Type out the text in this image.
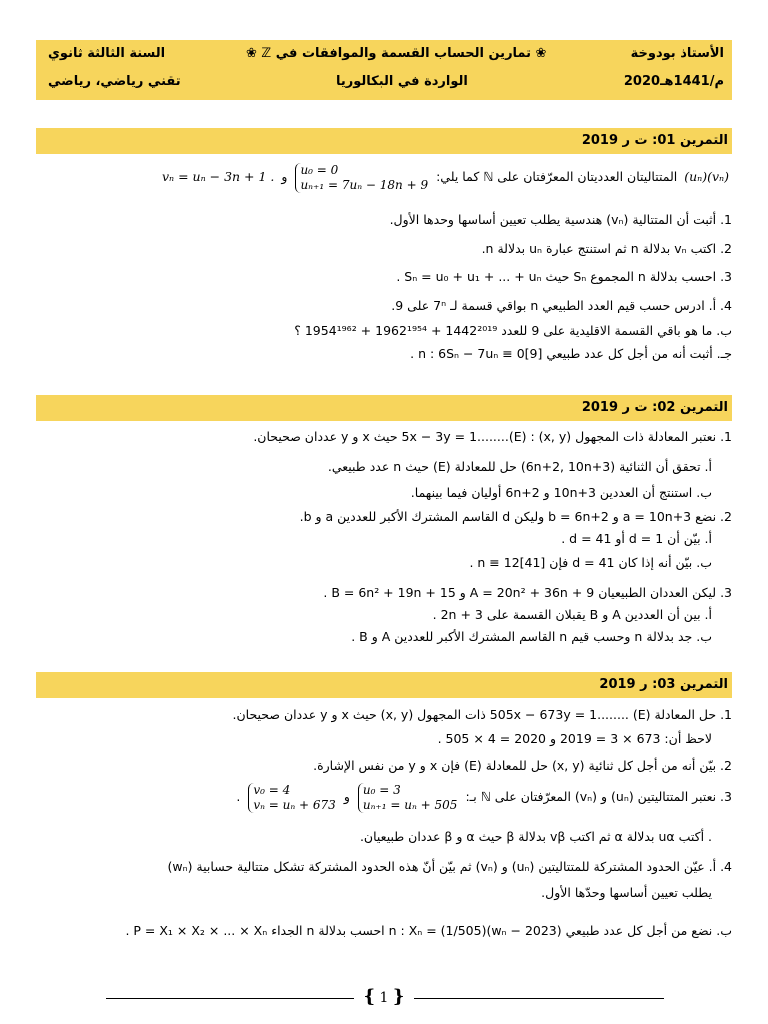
الأستاذ بودوخة
2020م/1441هـ
❀ تمارين الحساب القسمة والموافقات في ℤ ❀
الواردة في البكالوريا
السنة الثالثة ثانوي
تقني رياضي، رياضي
التمرين 01: ت ر 2019
(uₙ)(vₙ) المتتاليتان العدديتان المعرّفتان على ℕ كما يلي: u₀ = 0
uₙ₊₁ = 7uₙ − 18n + 9 و vₙ = uₙ − 3n + 1 .
1. أثبت أن المتتالية (vₙ) هندسية يطلب تعيين أساسها وحدها الأول.
2. اكتب vₙ بدلالة n ثم استنتج عبارة uₙ بدلالة n.
3. احسب بدلالة n المجموع Sₙ حيث Sₙ = u₀ + u₁ + ... + uₙ .
4. أ. ادرس حسب قيم العدد الطبيعي n بواقي قسمة لـ 7ⁿ على 9.
ب. ما هو باقي القسمة الاقليدية على 9 للعدد 1442²⁰¹⁹ + 1962¹⁹⁵⁴ + 1954¹⁹⁶² ؟
جـ. أثبت أنه من أجل كل عدد طبيعي n : 6Sₙ − 7uₙ ≡ 0[9] .
التمرين 02: ت ر 2019
1. نعتبر المعادلة ذات المجهول (x, y) : 5x − 3y = 1........(E) حيث x و y عددان صحيحان.
أ. تحقق أن الثنائية (6n+2, 10n+3) حل للمعادلة (E) حيث n عدد طبيعي.
ب. استنتج أن العددين 10n+3 و 6n+2 أوليان فيما بينهما.
2. نضع a = 10n+3 و b = 6n+2 وليكن d القاسم المشترك الأكبر للعددين a و b.
أ. بيّن أن d = 1 أو d = 41 .
ب. بيّن أنه إذا كان d = 41 فإن n ≡ 12[41] .
3. ليكن العددان الطبيعيان A = 20n² + 36n + 9 و B = 6n² + 19n + 15 .
أ. بين أن العددين A و B يقبلان القسمة على 2n + 3 .
ب. جد بدلالة n وحسب قيم n القاسم المشترك الأكبر للعددين A و B .
التمرين 03: ر 2019
1. حل المعادلة (E) ........505x − 673y = 1 ذات المجهول (x, y) حيث x و y عددان صحيحان.
لاحظ أن: 673 × 3 = 2019 و 2020 = 4 × 505 .
2. بيّن أنه من أجل كل ثنائية (x, y) حل للمعادلة (E) فإن x و y من نفس الإشارة.
3. نعتبر المتتاليتين (uₙ) و (vₙ) المعرّفتان على ℕ بـ: u₀ = 3
uₙ₊₁ = uₙ + 505 و v₀ = 4
vₙ = uₙ + 673 .
. أكتب uα بدلالة α ثم اكتب vβ بدلالة β حيث α و β عددان طبيعيان.
4. أ. عيّن الحدود المشتركة للمتتاليتين (uₙ) و (vₙ) ثم بيّن أنّ هذه الحدود المشتركة تشكل متتالية حسابية (wₙ)
يطلب تعيين أساسها وحدّها الأول.
ب. نضع من أجل كل عدد طبيعي n : Xₙ = (1/505)(wₙ − 2023) احسب بدلالة n الجداء P = X₁ × X₂ × ... × Xₙ .
{ 1 }
